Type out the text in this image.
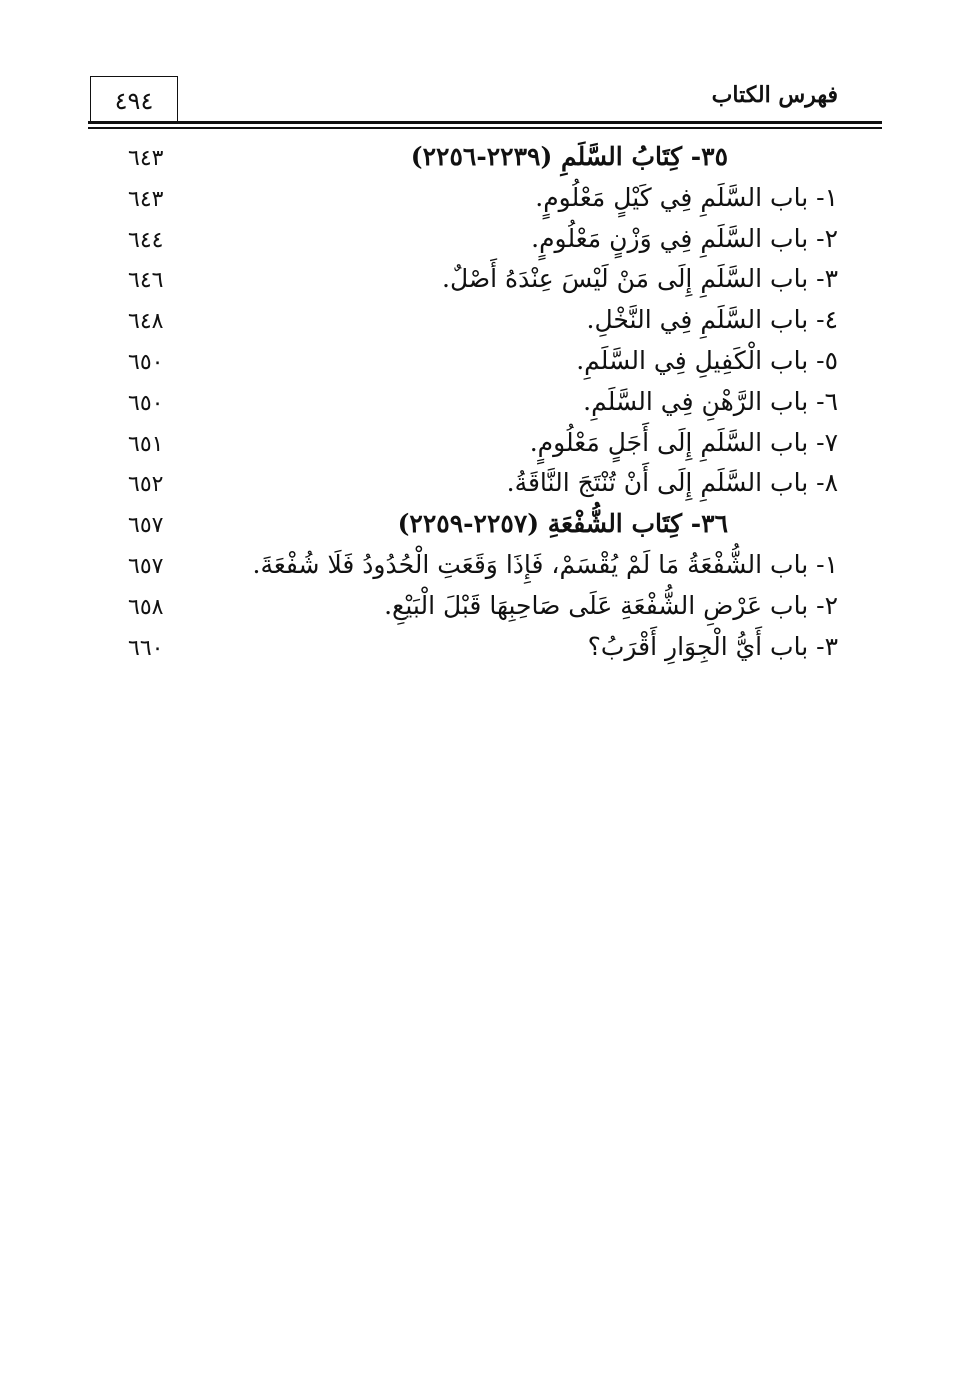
فهرس الكتاب
٤٩٤
٣٥- كِتَابُ السَّلَمِ (٢٢٣٩-٢٢٥٦)
٦٤٣
١- باب السَّلَمِ فِي كَيْلٍ مَعْلُومٍ.
٦٤٣
٢- باب السَّلَمِ فِي وَزْنٍ مَعْلُومٍ.
٦٤٤
٣- باب السَّلَمِ إِلَى مَنْ لَيْسَ عِنْدَهُ أَصْلٌ.
٦٤٦
٤- باب السَّلَمِ فِي النَّخْلِ.
٦٤٨
٥- باب الْكَفِيلِ فِي السَّلَمِ.
٦٥٠
٦- باب الرَّهْنِ فِي السَّلَمِ.
٦٥٠
٧- باب السَّلَمِ إِلَى أَجَلٍ مَعْلُومٍ.
٦٥١
٨- باب السَّلَمِ إِلَى أَنْ تُنْتَجَ النَّاقَةُ.
٦٥٢
٣٦- كِتَاب الشُّفْعَةِ (٢٢٥٧-٢٢٥٩)
٦٥٧
١- باب الشُّفْعَةُ مَا لَمْ يُقْسَمْ، فَإِذَا وَقَعَتِ الْحُدُودُ فَلَا شُفْعَةَ.
٦٥٧
٢- باب عَرْضِ الشُّفْعَةِ عَلَى صَاحِبِهَا قَبْلَ الْبَيْعِ.
٦٥٨
٣- باب أَيُّ الْجِوَارِ أَقْرَبُ؟
٦٦٠
